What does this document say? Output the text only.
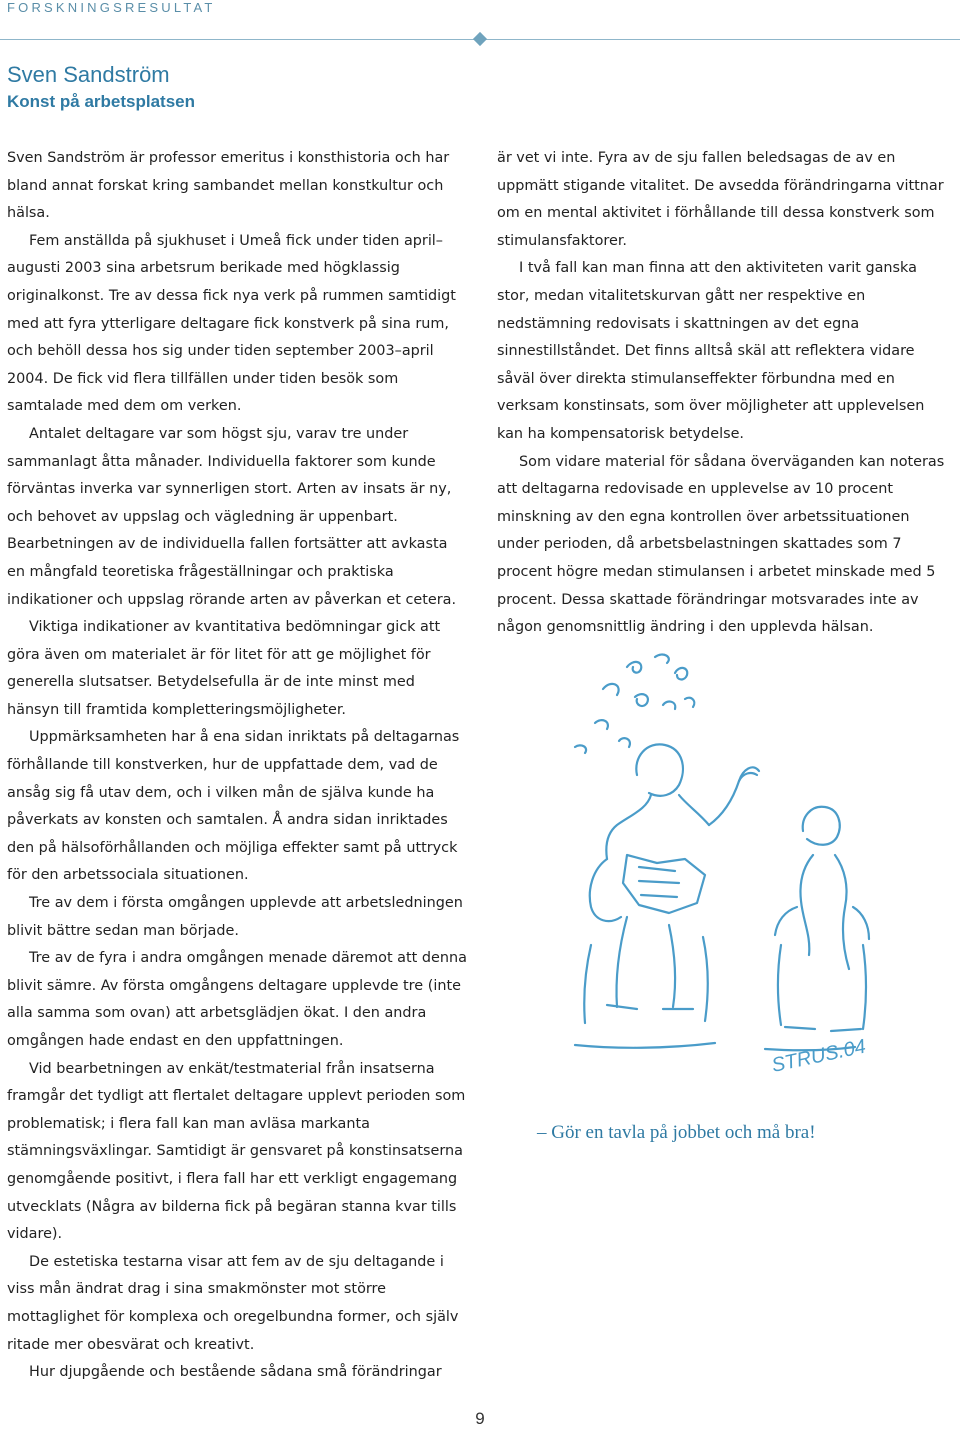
FORSKNINGSRESULTAT
Sven Sandström
Konst på arbetsplatsen

Sven Sandström är professor emeritus i konsthistoria och har bland annat forskat kring sambandet mellan konstkultur och hälsa.

Fem anställda på sjukhuset i Umeå fick under tiden april–augusti 2003 sina arbetsrum berikade med högklassig originalkonst. Tre av dessa fick nya verk på rummen samtidigt med att fyra ytterligare deltagare fick konstverk på sina rum, och behöll dessa hos sig under tiden september 2003–april 2004. De fick vid flera tillfällen under tiden besök som samtalade med dem om verken.

Antalet deltagare var som högst sju, varav tre under sammanlagt åtta månader. Individuella faktorer som kunde förväntas inverka var synnerligen stort. Arten av insats är ny, och behovet av uppslag och vägledning är uppenbart. Bearbetningen av de individuella fallen fortsätter att avkasta en mångfald teoretiska frågeställningar och praktiska indikationer och uppslag rörande arten av påverkan et cetera.

Viktiga indikationer av kvantitativa bedömningar gick att göra även om materialet är för litet för att ge möjlighet för generella slutsatser. Betydelsefulla är de inte minst med hänsyn till framtida kompletteringsmöjligheter.

Uppmärksamheten har å ena sidan inriktats på deltagarnas förhållande till konstverken, hur de uppfattade dem, vad de ansåg sig få utav dem, och i vilken mån de själva kunde ha påverkats av konsten och samtalen. Å andra sidan inriktades den på hälsoförhållanden och möjliga effekter samt på uttryck för den arbetssociala situationen.

Tre av dem i första omgången upplevde att arbetsledningen blivit bättre sedan man började.

Tre av de fyra i andra omgången menade däremot att denna blivit sämre. Av första omgångens deltagare upplevde tre (inte alla samma som ovan) att arbetsglädjen ökat. I den andra omgången hade endast en den uppfattningen.

Vid bearbetningen av enkät/testmaterial från insatserna framgår det tydligt att flertalet deltagare upplevt perioden som problematisk; i flera fall kan man avläsa markanta stämningsväxlingar. Samtidigt är gensvaret på konstinsatserna genomgående positivt, i flera fall har ett verkligt engagemang utvecklats (Några av bilderna fick på begäran stanna kvar tills vidare).

De estetiska testarna visar att fem av de sju deltagande i viss mån ändrat drag i sina smakmönster mot större mottaglighet för komplexa och oregelbundna former, och själv ritade mer obesvärat och kreativt.

Hur djupgående och bestående sådana små förändringar

är vet vi inte. Fyra av de sju fallen beledsagas de av en uppmätt stigande vitalitet. De avsedda förändringarna vittnar om en mental aktivitet i förhållande till dessa konstverk som stimulansfaktorer.

I två fall kan man finna att den aktiviteten varit ganska stor, medan vitalitetskurvan gått ner respektive en nedstämning redovisats i skattningen av det egna sinnestillståndet. Det finns alltså skäl att reflektera vidare såväl över direkta stimulanseffekter förbundna med en verksam konstinsats, som över möjligheter att upplevelsen kan ha kompensatorisk betydelse.

Som vidare material för sådana överväganden kan noteras att deltagarna redovisade en upplevelse av 10 procent minskning av den egna kontrollen över arbetssituationen under perioden, då arbetsbelastningen skattades som 7 procent högre medan stimulansen i arbetet minskade med 5 procent. Dessa skattade förändringar motsvarades inte av någon genomsnittlig ändring i den upplevda hälsan.

STRUS.04
– Gör en tavla på jobbet och må bra!
9
